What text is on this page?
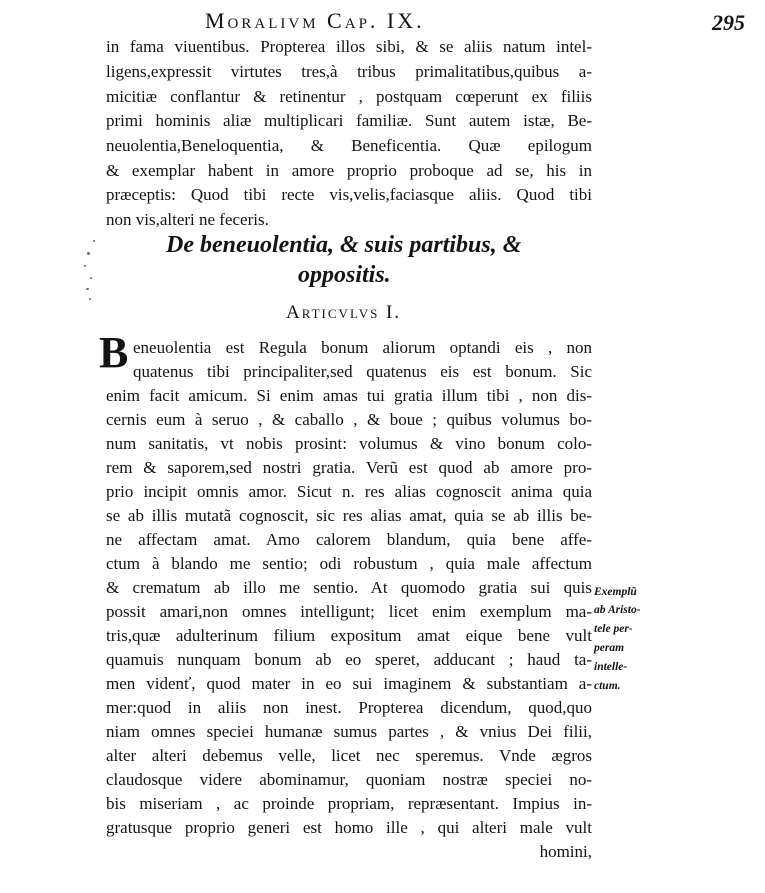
Moralivm Cap. IX.	295
in fama viuentibus. Propterea illos sibi, & se aliis natum intel-
ligens,expressit virtutes tres,à tribus primalitatibus,quibus a-
micitiæ conflantur & retinentur , postquam cœperunt ex filiis
primi hominis aliæ multiplicari familiæ. Sunt autem istæ, Be-
neuolentia,Beneloquentia, & Beneficentia. Quæ epilogum
& exemplar habent in amore proprio proboque ad se, his in
præceptis: Quod tibi recte vis,velis,faciasque aliis. Quod tibi
non vis,alteri ne feceris.
De beneuolentia, & suis partibus, &
oppositis.
Articvlvs I.
B eneuolentia est Regula bonum aliorum optandi eis , non
quatenus tibi principaliter,sed quatenus eis est bonum. Sic
enim facit amicum. Si enim amas tui gratia illum tibi , non dis-
cernis eum à seruo , & caballo , & boue ; quibus volumus bo-
num sanitatis, vt nobis prosint: volumus & vino bonum colo-
rem & saporem,sed nostri gratia. Verũ est quod ab amore pro-
prio incipit omnis amor. Sicut n. res alias cognoscit anima quia
se ab illis mutatã cognoscit, sic res alias amat, quia se ab illis be-
ne affectam amat. Amo calorem blandum, quia bene affe-
ctum à blando me sentio; odi robustum , quia male affectum
& crematum ab illo me sentio. At quomodo gratia sui quis
possit amari,non omnes intelligunt; licet enim exemplum ma-
tris,quæ adulterinum filium expositum amat eique bene vult
quamuis nunquam bonum ab eo speret, adducant ; haud ta-
men videnť, quod mater in eo sui imaginem & substantiam a-
mer:quod in aliis non inest. Propterea dicendum, quod,quo
niam omnes speciei humanæ sumus partes , & vnius Dei filii,
alter alteri debemus velle, licet nec speremus. Vnde ægros
claudosque videre abominamur, quoniam nostræ speciei no-
bis miseriam , ac proinde propriam, repræsentant. Impius in-
gratusque proprio generi est homo ille , qui alteri male vult
homini,
Exemplũ
ab Aristo-
tele per-
peram
intelle-
ctum.
